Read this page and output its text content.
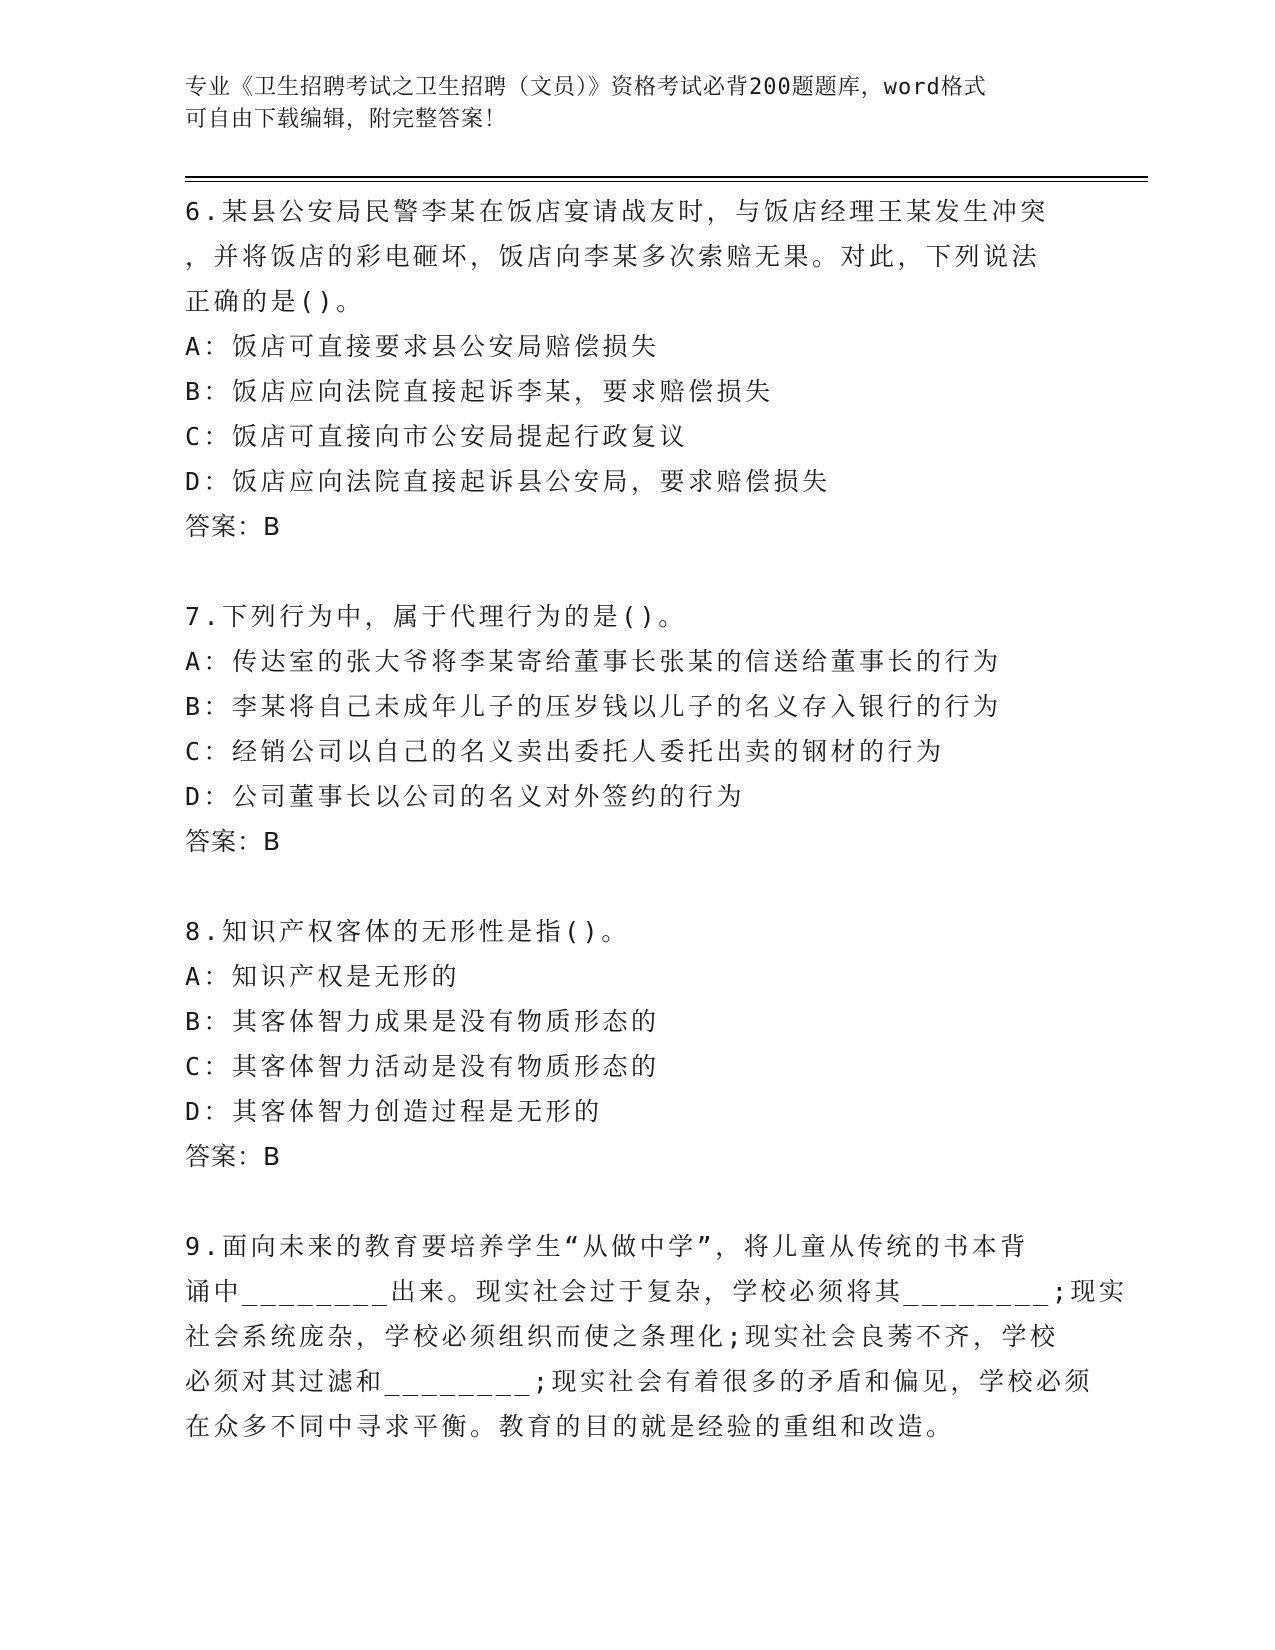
专业《卫生招聘考试之卫生招聘（文员）》资格考试必背200题题库，word格式
可自由下载编辑，附完整答案！
6.某县公安局民警李某在饭店宴请战友时，与饭店经理王某发生冲突
，并将饭店的彩电砸坏，饭店向李某多次索赔无果。对此，下列说法
正确的是()。
A：饭店可直接要求县公安局赔偿损失
B：饭店应向法院直接起诉李某，要求赔偿损失
C：饭店可直接向市公安局提起行政复议
D：饭店应向法院直接起诉县公安局，要求赔偿损失
答案：B
7.下列行为中，属于代理行为的是()。
A：传达室的张大爷将李某寄给董事长张某的信送给董事长的行为
B：李某将自己未成年儿子的压岁钱以儿子的名义存入银行的行为
C：经销公司以自己的名义卖出委托人委托出卖的钢材的行为
D：公司董事长以公司的名义对外签约的行为
答案：B
8.知识产权客体的无形性是指()。
A：知识产权是无形的
B：其客体智力成果是没有物质形态的
C：其客体智力活动是没有物质形态的
D：其客体智力创造过程是无形的
答案：B
9.面向未来的教育要培养学生“从做中学”，将儿童从传统的书本背
诵中________出来。现实社会过于复杂，学校必须将其________;现实
社会系统庞杂，学校必须组织而使之条理化;现实社会良莠不齐，学校
必须对其过滤和________;现实社会有着很多的矛盾和偏见，学校必须
在众多不同中寻求平衡。教育的目的就是经验的重组和改造。
